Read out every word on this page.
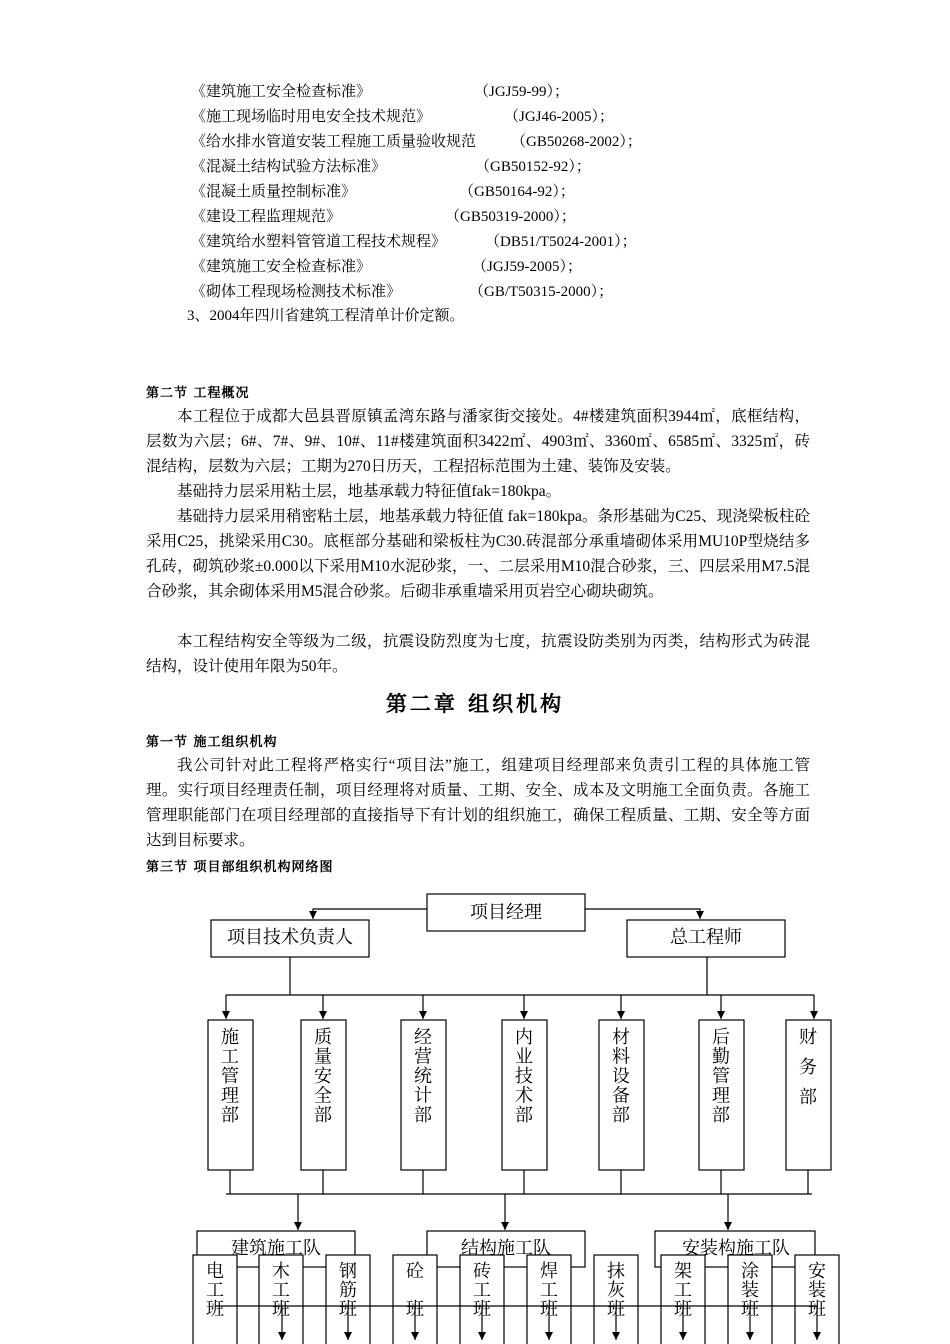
《建筑施工安全检查标准》	（JGJ59-99）；
《施工现场临时用电安全技术规范》	（JGJ46-2005）；
《给水排水管道安装工程施工质量验收规范 （GB50268-2002）；
《混凝土结构试验方法标准》	（GB50152-92）；
《混凝土质量控制标准》	（GB50164-92）；
《建设工程监理规范》	（GB50319-2000）；
《建筑给水塑料管管道工程技术规程》	（DB51/T5024-2001）；
《建筑施工安全检查标准》	（JGJ59-2005）；
《砌体工程现场检测技术标准》	（GB/T50315-2000）；
3、2004年四川省建筑工程清单计价定额。
第二节 工程概况
本工程位于成都大邑县晋原镇孟湾东路与潘家街交接处。4#楼建筑面积3944㎡，底框结构，层数为六层；6#、7#、9#、10#、11#楼建筑面积3422㎡、4903㎡、3360㎡、6585㎡、3325㎡，砖混结构，层数为六层；工期为270日历天，工程招标范围为土建、装饰及安装。
基础持力层采用粘土层，地基承载力特征值fak=180kpa。
基础持力层采用稍密粘土层，地基承载力特征值 fak=180kpa。条形基础为C25、现浇梁板柱砼采用C25，挑梁采用C30。底框部分基础和梁板柱为C30.砖混部分承重墙砌体采用MU10P型烧结多孔砖，砌筑砂浆±0.000以下采用M10水泥砂浆，一、二层采用M10混合砂浆，三、四层采用M7.5混合砂浆，其余砌体采用M5混合砂浆。后砌非承重墙采用页岩空心砌块砌筑。
本工程结构安全等级为二级，抗震设防烈度为七度，抗震设防类别为丙类，结构形式为砖混结构，设计使用年限为50年。
第二章 组织机构
第一节 施工组织机构
我公司针对此工程将严格实行“项目法”施工，组建项目经理部来负责引工程的具体施工管理。实行项目经理责任制，项目经理将对质量、工期、安全、成本及文明施工全面负责。各施工管理职能部门在项目经理部的直接指导下有计划的组织施工，确保工程质量、工期、安全等方面达到目标要求。
第三节 项目部组织机构网络图
项目经理
项目技术负责人	总工程师
建筑施工队	结构施工队	安装构施工队
施工管理部
质量安全部
经营统计部
内业技术部
材料设备部
后勤管理部
财务部
电工班
木工班
钢筋班
砼班
砖工班
焊工班
抹灰班
架工班
涂装班
安装班
